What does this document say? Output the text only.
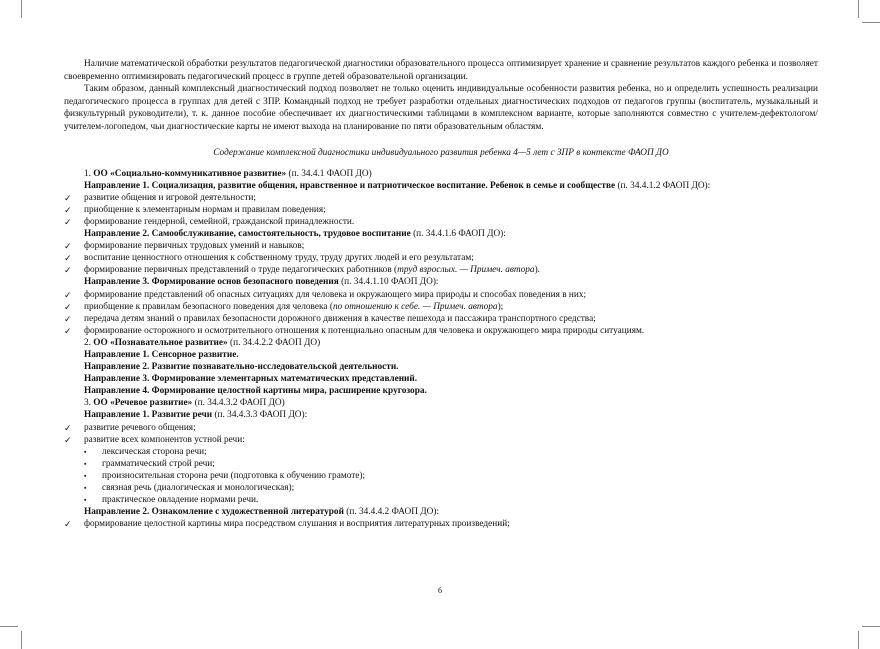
Наличие математической обработки результатов педагогической диагностики образовательного процесса оптимизирует хранение и сравнение результатов каждого ребенка и позволяет своевременно оптимизировать педагогический процесс в группе детей образовательной организации.

Таким образом, данный комплексный диагностический подход позволяет не только оценить индивидуальные особенности развития ребенка, но и определить успешность реализации педагогического процесса в группах для детей с ЗПР. Командный подход не требует разработки отдельных диагностических подходов от педагогов группы (воспитатель, музыкальный и физкультурный руководители), т. к. данное пособие обеспечивает их диагностическими таблицами в комплексном варианте, которые заполняются совместно с учителем-дефектологом/учителем-логопедом, чьи диагностические карты не имеют выхода на планирование по пяти образовательным областям.

Содержание комплексной диагностики индивидуального развития ребенка 4—5 лет с ЗПР в контексте ФАОП ДО
1. ОО «Социально-коммуникативное развитие» (п. 34.4.1 ФАОП ДО)
Направление 1. Социализация, развитие общения, нравственное и патриотическое воспитание. Ребенок в семье и сообществе (п. 34.4.1.2 ФАОП ДО):
✓ развитие общения и игровой деятельности;
✓ приобщение к элементарным нормам и правилам поведения;
✓ формирование гендерной, семейной, гражданской принадлежности.
Направление 2. Самообслуживание, самостоятельность, трудовое воспитание (п. 34.4.1.6 ФАОП ДО):
✓ формирование первичных трудовых умений и навыков;
✓ воспитание ценностного отношения к собственному труду, труду других людей и его результатам;
✓ формирование первичных представлений о труде педагогических работников (труд взрослых. — Примеч. автора).
Направление 3. Формирование основ безопасного поведения (п. 34.4.1.10 ФАОП ДО):
✓ формирование представлений об опасных ситуациях для человека и окружающего мира природы и способах поведения в них;
✓ приобщение к правилам безопасного поведения для человека (по отношению к себе. — Примеч. автора);
✓ передача детям знаний о правилах безопасности дорожного движения в качестве пешехода и пассажира транспортного средства;
✓ формирование осторожного и осмотрительного отношения к потенциально опасным для человека и окружающего мира природы ситуациям.
2. ОО «Познавательное развитие» (п. 34.4.2.2 ФАОП ДО)
Направление 1. Сенсорное развитие.
Направление 2. Развитие познавательно-исследовательской деятельности.
Направление 3. Формирование элементарных математических представлений.
Направление 4. Формирование целостной картины мира, расширение кругозора.
3. ОО «Речевое развитие» (п. 34.4.3.2 ФАОП ДО)
Направление 1. Развитие речи (п. 34.4.3.3 ФАОП ДО):
✓ развитие речевого общения;
✓ развитие всех компонентов устной речи:
▪ лексическая сторона речи;
▪ грамматический строй речи;
▪ произносительная сторона речи (подготовка к обучению грамоте);
▪ связная речь (диалогическая и монологическая);
▪ практическое овладение нормами речи.
Направление 2. Ознакомление с художественной литературой (п. 34.4.4.2 ФАОП ДО):
✓ формирование целостной картины мира посредством слушания и восприятия литературных произведений;
6
